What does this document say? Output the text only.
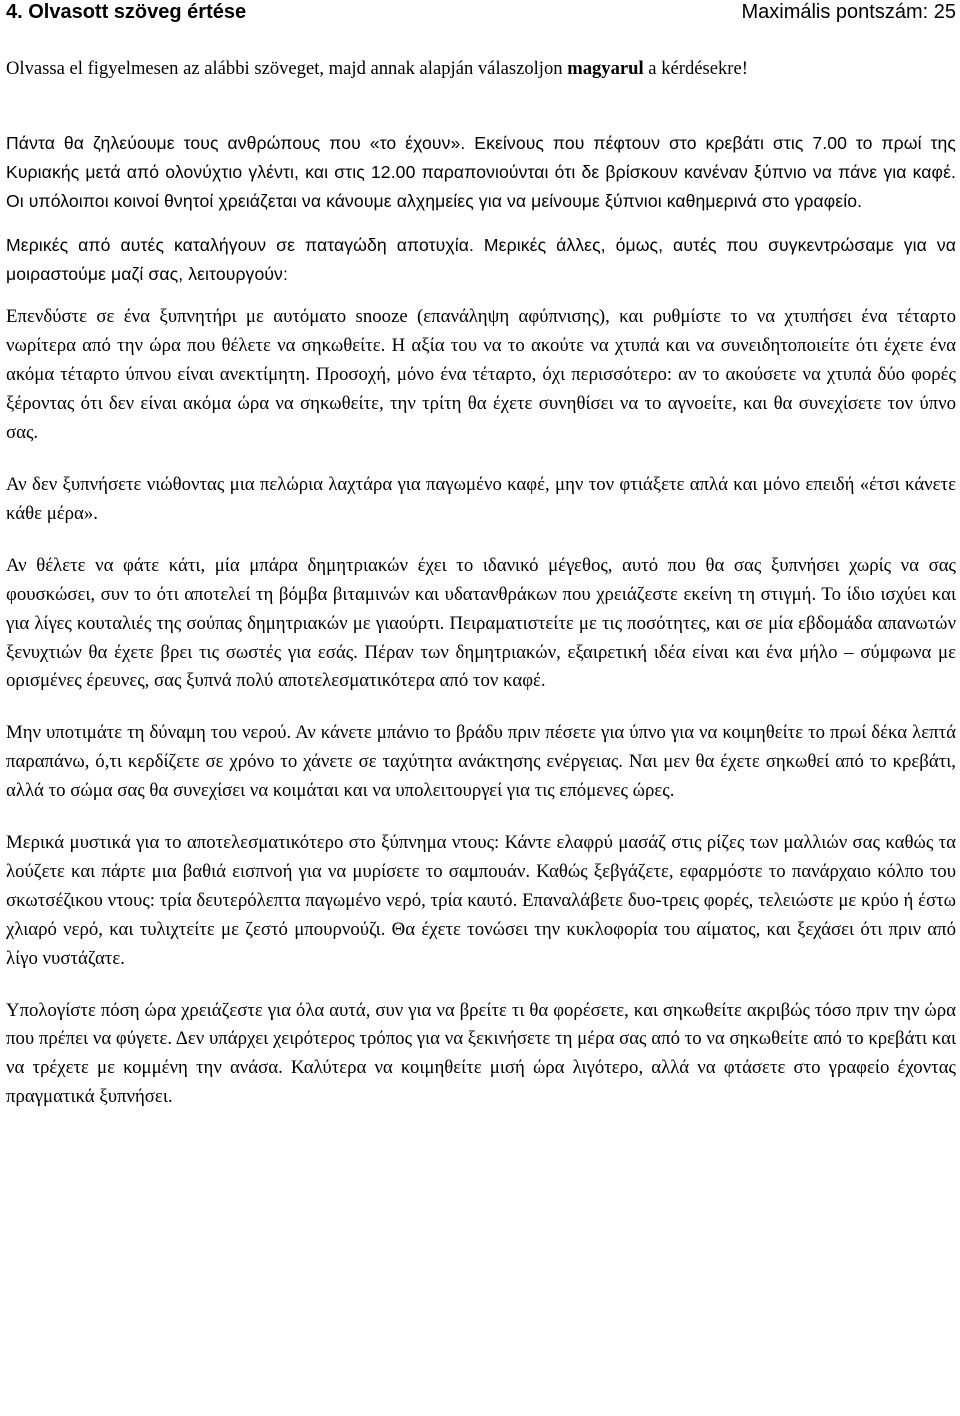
4. Olvasott szöveg értése	Maximális pontszám: 25
Olvassa el figyelmesen az alábbi szöveget, majd annak alapján válaszoljon magyarul a kérdésekre!

Πάντα θα ζηλεύουμε τους ανθρώπους που «το έχουν». Εκείνους που πέφτουν στο κρεβάτι στις 7.00 το πρωί της Κυριακής μετά από ολονύχτιο γλέντι, και στις 12.00 παραπονιούνται ότι δε βρίσκουν κανέναν ξύπνιο να πάνε για καφέ. Οι υπόλοιποι κοινοί θνητοί χρειάζεται να κάνουμε αλχημείες για να μείνουμε ξύπνιοι καθημερινά στο γραφείο.

Μερικές από αυτές καταλήγουν σε παταγώδη αποτυχία. Μερικές άλλες, όμως, αυτές που συγκεντρώσαμε για να μοιραστούμε μαζί σας, λειτουργούν:

Επενδύστε σε ένα ξυπνητήρι με αυτόματο snooze (επανάληψη αφύπνισης), και ρυθμίστε το να χτυπήσει ένα τέταρτο νωρίτερα από την ώρα που θέλετε να σηκωθείτε. Η αξία του να το ακούτε να χτυπά και να συνειδητοποιείτε ότι έχετε ένα ακόμα τέταρτο ύπνου είναι ανεκτίμητη. Προσοχή, μόνο ένα τέταρτο, όχι περισσότερο: αν το ακούσετε να χτυπά δύο φορές ξέροντας ότι δεν είναι ακόμα ώρα να σηκωθείτε, την τρίτη θα έχετε συνηθίσει να το αγνοείτε, και θα συνεχίσετε τον ύπνο σας.

Αν δεν ξυπνήσετε νιώθοντας μια πελώρια λαχτάρα για παγωμένο καφέ, μην τον φτιάξετε απλά και μόνο επειδή «έτσι κάνετε κάθε μέρα».

Αν θέλετε να φάτε κάτι, μία μπάρα δημητριακών έχει το ιδανικό μέγεθος, αυτό που θα σας ξυπνήσει χωρίς να σας φουσκώσει, συν το ότι αποτελεί τη βόμβα βιταμινών και υδατανθράκων που χρειάζεστε εκείνη τη στιγμή. Το ίδιο ισχύει και για λίγες κουταλιές της σούπας δημητριακών με γιαούρτι. Πειραματιστείτε με τις ποσότητες, και σε μία εβδομάδα απανωτών ξενυχτιών θα έχετε βρει τις σωστές για εσάς. Πέραν των δημητριακών, εξαιρετική ιδέα είναι και ένα μήλο – σύμφωνα με ορισμένες έρευνες, σας ξυπνά πολύ αποτελεσματικότερα από τον καφέ.

Μην υποτιμάτε τη δύναμη του νερού. Αν κάνετε μπάνιο το βράδυ πριν πέσετε για ύπνο για να κοιμηθείτε το πρωί δέκα λεπτά παραπάνω, ό,τι κερδίζετε σε χρόνο το χάνετε σε ταχύτητα ανάκτησης ενέργειας. Ναι μεν θα έχετε σηκωθεί από το κρεβάτι, αλλά το σώμα σας θα συνεχίσει να κοιμάται και να υπολειτουργεί για τις επόμενες ώρες.

Μερικά μυστικά για το αποτελεσματικότερο στο ξύπνημα ντους: Κάντε ελαφρύ μασάζ στις ρίζες των μαλλιών σας καθώς τα λούζετε και πάρτε μια βαθιά εισπνοή για να μυρίσετε το σαμπουάν. Καθώς ξεβγάζετε, εφαρμόστε το πανάρχαιο κόλπο του σκωτσέζικου ντους: τρία δευτερόλεπτα παγωμένο νερό, τρία καυτό. Επαναλάβετε δυο-τρεις φορές, τελειώστε με κρύο ή έστω χλιαρό νερό, και τυλιχτείτε με ζεστό μπουρνούζι. Θα έχετε τονώσει την κυκλοφορία του αίματος, και ξεχάσει ότι πριν από λίγο νυστάζατε.

Υπολογίστε πόση ώρα χρειάζεστε για όλα αυτά, συν για να βρείτε τι θα φορέσετε, και σηκωθείτε ακριβώς τόσο πριν την ώρα που πρέπει να φύγετε. Δεν υπάρχει χειρότερος τρόπος για να ξεκινήσετε τη μέρα σας από το να σηκωθείτε από το κρεβάτι και να τρέχετε με κομμένη την ανάσα. Καλύτερα να κοιμηθείτε μισή ώρα λιγότερο, αλλά να φτάσετε στο γραφείο έχοντας πραγματικά ξυπνήσει.
